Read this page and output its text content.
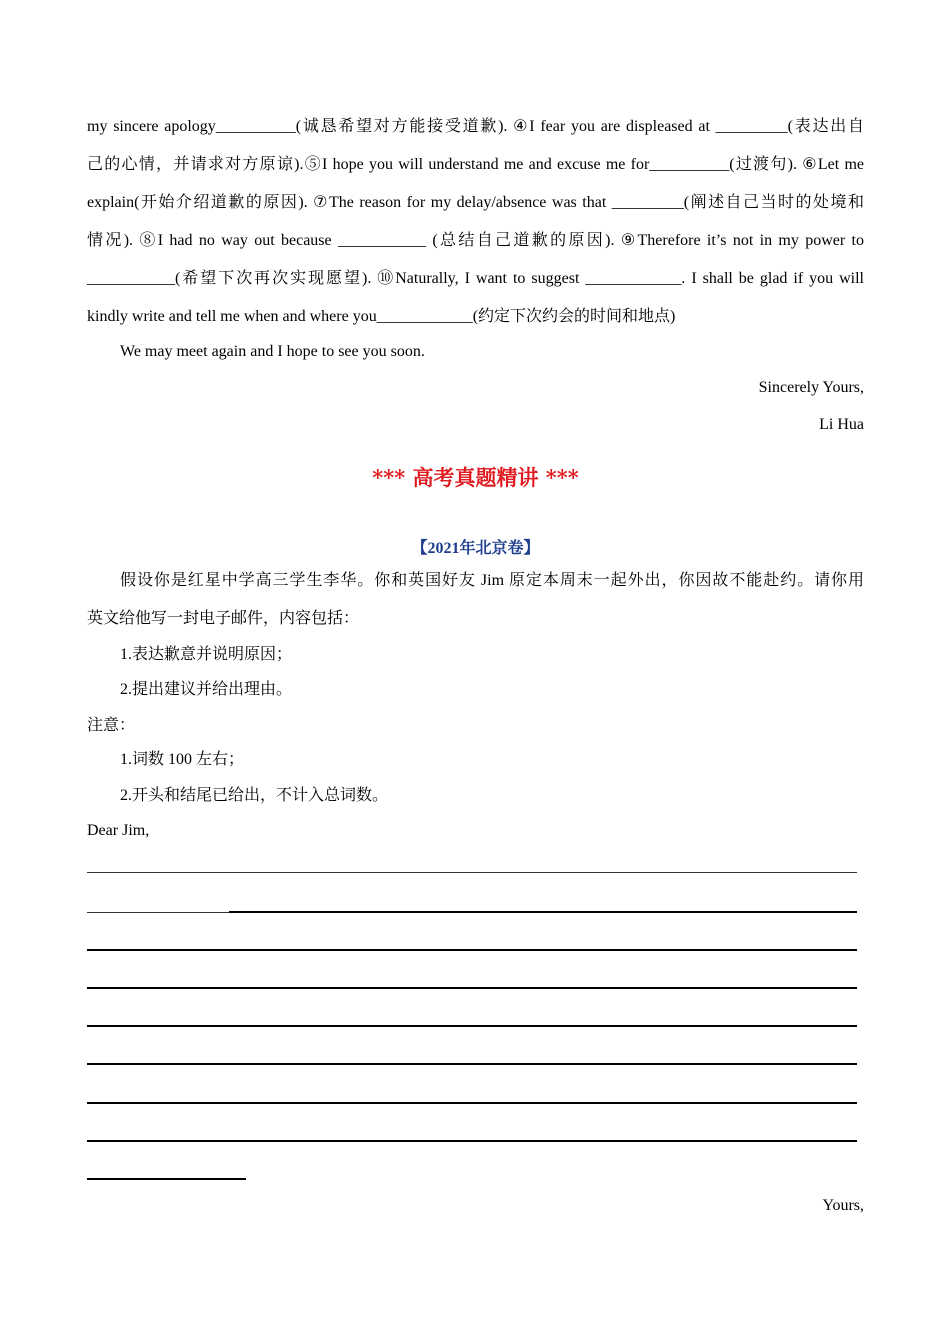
my sincere apology__________(诚恳希望对方能接受道歉). ④I fear you are displeased at _________(表达出自
己的心情，并请求对方原谅).⑤I hope you will understand me and excuse me for__________(过渡句). ⑥Let me
explain(开始介绍道歉的原因). ⑦The reason for my delay/absence was that _________(阐述自己当时的处境和
情况). ⑧I had no way out because ___________ (总结自己道歉的原因). ⑨Therefore it’s not in my power to
___________(希望下次再次实现愿望). ⑩Naturally, I want to suggest ____________. I shall be glad if you will
kindly write and tell me when and where you____________(约定下次约会的时间和地点)
We may meet again and I hope to see you soon.
Sincerely Yours,
Li Hua
*** 高考真题精讲 ***
【2021年北京卷】
假设你是红星中学高三学生李华。你和英国好友 Jim 原定本周末一起外出，你因故不能赴约。请你用
英文给他写一封电子邮件，内容包括：
1.表达歉意并说明原因；
2.提出建议并给出理由。
注意：
1.词数 100 左右；
2.开头和结尾已给出，不计入总词数。
Dear Jim,
Yours,
